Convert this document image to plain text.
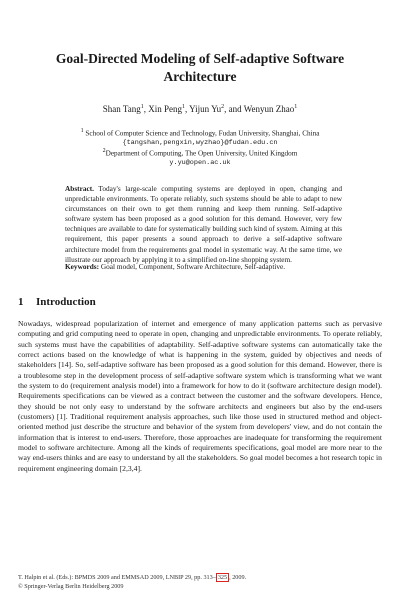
Goal-Directed Modeling of Self-adaptive Software
Architecture
Shan Tang$^1$, Xin Peng$^1$, Yijun Yu$^2$, and Wenyun Zhao$^1$
$^1$ School of Computer Science and Technology, Fudan University, Shanghai, China
{tangshan,pengxin,wyzhao}@fudan.edu.cn
$^2$Department of Computing, The Open University, United Kingdom
y.yu@open.ac.uk
Abstract. Today's large-scale computing systems are deployed in open, changing and unpredictable environments. To operate reliably, such systems should be able to adapt to new circumstances on their own to get them running and keep them running. Self-adaptive software system has been proposed as a good solution for this demand. However, very few techniques are available to date for systematically building such kind of system. Aiming at this requirement, this paper presents a sound approach to derive a self-adaptive software architecture model from the requirements goal model in systematic way. At the same time, we illustrate our approach by applying it to a simplified on-line shopping system.
Keywords: Goal model, Component, Software Architecture, Self-adaptive.
1 Introduction
Nowadays, widespread popularization of internet and emergence of many application patterns such as pervasive computing and grid computing need to operate in open, changing and unpredictable environments. To operate reliably, such systems must have the capabilities of adaptability. Self-adaptive software systems can automatically take the correct actions based on the knowledge of what is happening in the system, guided by objectives and needs of stakeholders [14]. So, self-adaptive software has been proposed as a good solution for this demand. However, there is a troublesome step in the development process of self-adaptive software system which is transforming what we want the system to do (requirement analysis model) into a framework for how to do it (software architecture design model). Requirements specifications can be viewed as a contract between the customer and the software developers. Hence, they should be not only easy to understand by the software architects and engineers but also by the end-users (customers) [1]. Traditional requirement analysis approaches, such like those used in structured method and object-oriented method just describe the structure and behavior of the system from developers' view, and do not contain the information that is interest to end-users. Therefore, those approaches are inadequate for transforming the requirement model to software architecture. Among all the kinds of requirements specifications, goal model are more near to the way end-users thinks and are easy to understand by all the stakeholders. So goal model becomes a hot research topic in requirement engineering domain [2,3,4].
T. Halpin et al. (Eds.): BPMDS 2009 and EMMSAD 2009, LNBIP 29, pp. 313– 325 , 2009.
© Springer-Verlag Berlin Heidelberg 2009
